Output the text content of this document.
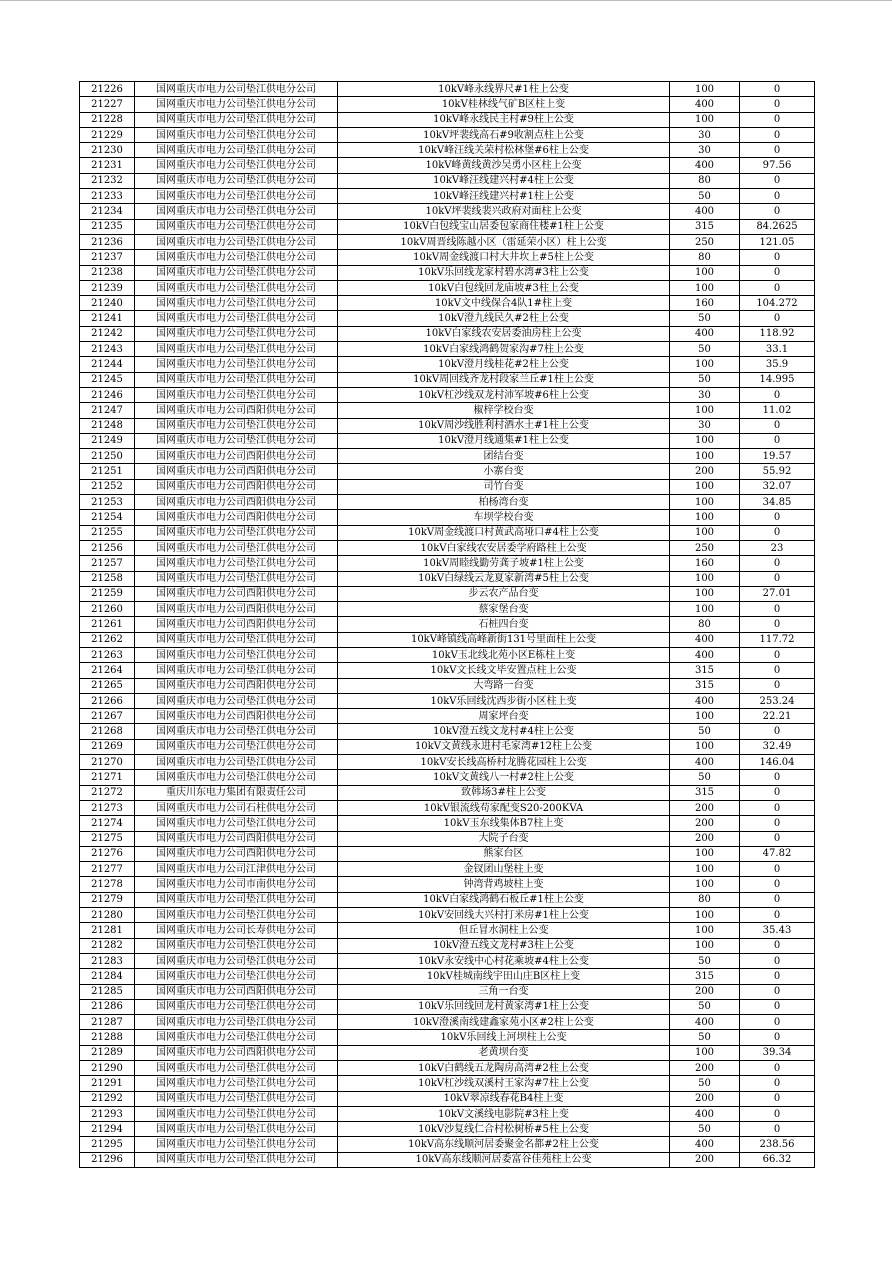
21226	国网重庆市电力公司垫江供电分公司	10kV峰永线界尺#1柱上公变	100	0
21227	国网重庆市电力公司垫江供电分公司	10kV桂林线气矿B区柱上变	400	0
21228	国网重庆市电力公司垫江供电分公司	10kV峰永线民主村#9柱上公变	100	0
21229	国网重庆市电力公司垫江供电分公司	10kV坪裴线高石#9收割点柱上公变	30	0
21230	国网重庆市电力公司垫江供电分公司	10kV峰汪线关荣村松林堡#6柱上公变	30	0
21231	国网重庆市电力公司垫江供电分公司	10kV峰黄线黄沙吴勇小区柱上公变	400	97.56
21232	国网重庆市电力公司垫江供电分公司	10kV峰汪线建兴村#4柱上公变	80	0
21233	国网重庆市电力公司垫江供电分公司	10kV峰汪线建兴村#1柱上公变	50	0
21234	国网重庆市电力公司垫江供电分公司	10kV坪裴线裴兴政府对面柱上公变	400	0
21235	国网重庆市电力公司垫江供电分公司	10kV白包线宝山居委包家商住楼#1柱上公变	315	84.2625
21236	国网重庆市电力公司垫江供电分公司	10kV周晋线陈越小区（雷延荣小区）柱上公变	250	121.05
21237	国网重庆市电力公司垫江供电分公司	10kV周金线渡口村大井坎上#5柱上公变	80	0
21238	国网重庆市电力公司垫江供电分公司	10kV乐回线龙家村碧水湾#3柱上公变	100	0
21239	国网重庆市电力公司垫江供电分公司	10kV白包线回龙庙坡#3柱上公变	100	0
21240	国网重庆市电力公司垫江供电分公司	10kV文中线保合4队1#柱上变	160	104.272
21241	国网重庆市电力公司垫江供电分公司	10kV澄九线民久#2柱上公变	50	0
21242	国网重庆市电力公司垫江供电分公司	10kV白家线农安居委油房柱上公变	400	118.92
21243	国网重庆市电力公司垫江供电分公司	10kV白家线鸿鹤贺家沟#7柱上公变	50	33.1
21244	国网重庆市电力公司垫江供电分公司	10kV澄月线桂花#2柱上公变	100	35.9
21245	国网重庆市电力公司垫江供电分公司	10kV周回线齐龙村段家兰丘#1柱上公变	50	14.995
21246	国网重庆市电力公司垫江供电分公司	10kV杠沙线双龙村沛军坡#6柱上公变	30	0
21247	国网重庆市电力公司酉阳供电分公司	椒梓学校台变	100	11.02
21248	国网重庆市电力公司垫江供电分公司	10kV周沙线胜利村酒水土#1柱上公变	30	0
21249	国网重庆市电力公司垫江供电分公司	10kV澄月线通集#1柱上公变	100	0
21250	国网重庆市电力公司酉阳供电分公司	团结台变	100	19.57
21251	国网重庆市电力公司酉阳供电分公司	小寨台变	200	55.92
21252	国网重庆市电力公司酉阳供电分公司	司竹台变	100	32.07
21253	国网重庆市电力公司酉阳供电分公司	柏杨湾台变	100	34.85
21254	国网重庆市电力公司酉阳供电分公司	车坝学校台变	100	0
21255	国网重庆市电力公司垫江供电分公司	10kV周金线渡口村黄武高垭口#4柱上公变	100	0
21256	国网重庆市电力公司垫江供电分公司	10kV白家线农安居委学府路柱上公变	250	23
21257	国网重庆市电力公司垫江供电分公司	10kV周睦线勤劳龚子坡#1柱上公变	160	0
21258	国网重庆市电力公司垫江供电分公司	10kV白绿线云龙夏家新湾#5柱上公变	100	0
21259	国网重庆市电力公司酉阳供电分公司	步云农产品台变	100	27.01
21260	国网重庆市电力公司酉阳供电分公司	蔡家堡台变	100	0
21261	国网重庆市电力公司酉阳供电分公司	石桩四台变	80	0
21262	国网重庆市电力公司垫江供电分公司	10kV峰镇线高峰新街131号里面柱上公变	400	117.72
21263	国网重庆市电力公司垫江供电分公司	10kV玉北线北苑小区E栋柱上变	400	0
21264	国网重庆市电力公司垫江供电分公司	10kV文长线文毕安置点柱上公变	315	0
21265	国网重庆市电力公司酉阳供电分公司	大弯路一台变	315	0
21266	国网重庆市电力公司垫江供电分公司	10kV乐回线沈西步街小区柱上变	400	253.24
21267	国网重庆市电力公司酉阳供电分公司	周家坪台变	100	22.21
21268	国网重庆市电力公司垫江供电分公司	10kV澄五线文龙村#4柱上公变	50	0
21269	国网重庆市电力公司垫江供电分公司	10kV文黄线永进村毛家湾#12柱上公变	100	32.49
21270	国网重庆市电力公司垫江供电分公司	10kV安长线高桥村龙腾花园柱上公变	400	146.04
21271	国网重庆市电力公司垫江供电分公司	10kV文黄线八一村#2柱上公变	50	0
21272	重庆川东电力集团有限责任公司	致韩场3#柱上公变	315	0
21273	国网重庆市电力公司石柱供电分公司	10kV银流线苟家配变S20-200KVA	200	0
21274	国网重庆市电力公司垫江供电分公司	10kV玉东线集体B7柱上变	200	0
21275	国网重庆市电力公司酉阳供电分公司	大院子台变	200	0
21276	国网重庆市电力公司酉阳供电分公司	熊家台区	100	47.82
21277	国网重庆市电力公司江津供电分公司	金钗团山堡柱上变	100	0
21278	国网重庆市电力公司市南供电分公司	钟湾背鸡坡柱上变	100	0
21279	国网重庆市电力公司垫江供电分公司	10kV白家线鸿鹤石板丘#1柱上公变	80	0
21280	国网重庆市电力公司垫江供电分公司	10kV安回线大兴村打米房#1柱上公变	100	0
21281	国网重庆市电力公司长寿供电分公司	但丘冒水洞柱上公变	100	35.43
21282	国网重庆市电力公司垫江供电分公司	10kV澄五线文龙村#3柱上公变	100	0
21283	国网重庆市电力公司垫江供电分公司	10kV永安线中心村花乘坡#4柱上公变	50	0
21284	国网重庆市电力公司垫江供电分公司	10kV桂城南线宇田山庄B区柱上变	315	0
21285	国网重庆市电力公司酉阳供电分公司	三角一台变	200	0
21286	国网重庆市电力公司垫江供电分公司	10kV乐回线回龙村黄家湾#1柱上公变	50	0
21287	国网重庆市电力公司垫江供电分公司	10kV澄溪南线建鑫家苑小区#2柱上公变	400	0
21288	国网重庆市电力公司垫江供电分公司	10kV乐回线上河坝柱上公变	50	0
21289	国网重庆市电力公司酉阳供电分公司	老黄坝台变	100	39.34
21290	国网重庆市电力公司垫江供电分公司	10kV白鹤线五龙陶房高湾#2柱上公变	200	0
21291	国网重庆市电力公司垫江供电分公司	10kV杠沙线双溪村王家沟#7柱上公变	50	0
21292	国网重庆市电力公司垫江供电分公司	10kV翠凉线春花B4柱上变	200	0
21293	国网重庆市电力公司垫江供电分公司	10kV文溪线电影院#3柱上变	400	0
21294	国网重庆市电力公司垫江供电分公司	10kV沙复线仁合村松树桥#5柱上公变	50	0
21295	国网重庆市电力公司垫江供电分公司	10kV高东线顺河居委聚金名都#2柱上公变	400	238.56
21296	国网重庆市电力公司垫江供电分公司	10kV高东线顺河居委富谷佳苑柱上公变	200	66.32
